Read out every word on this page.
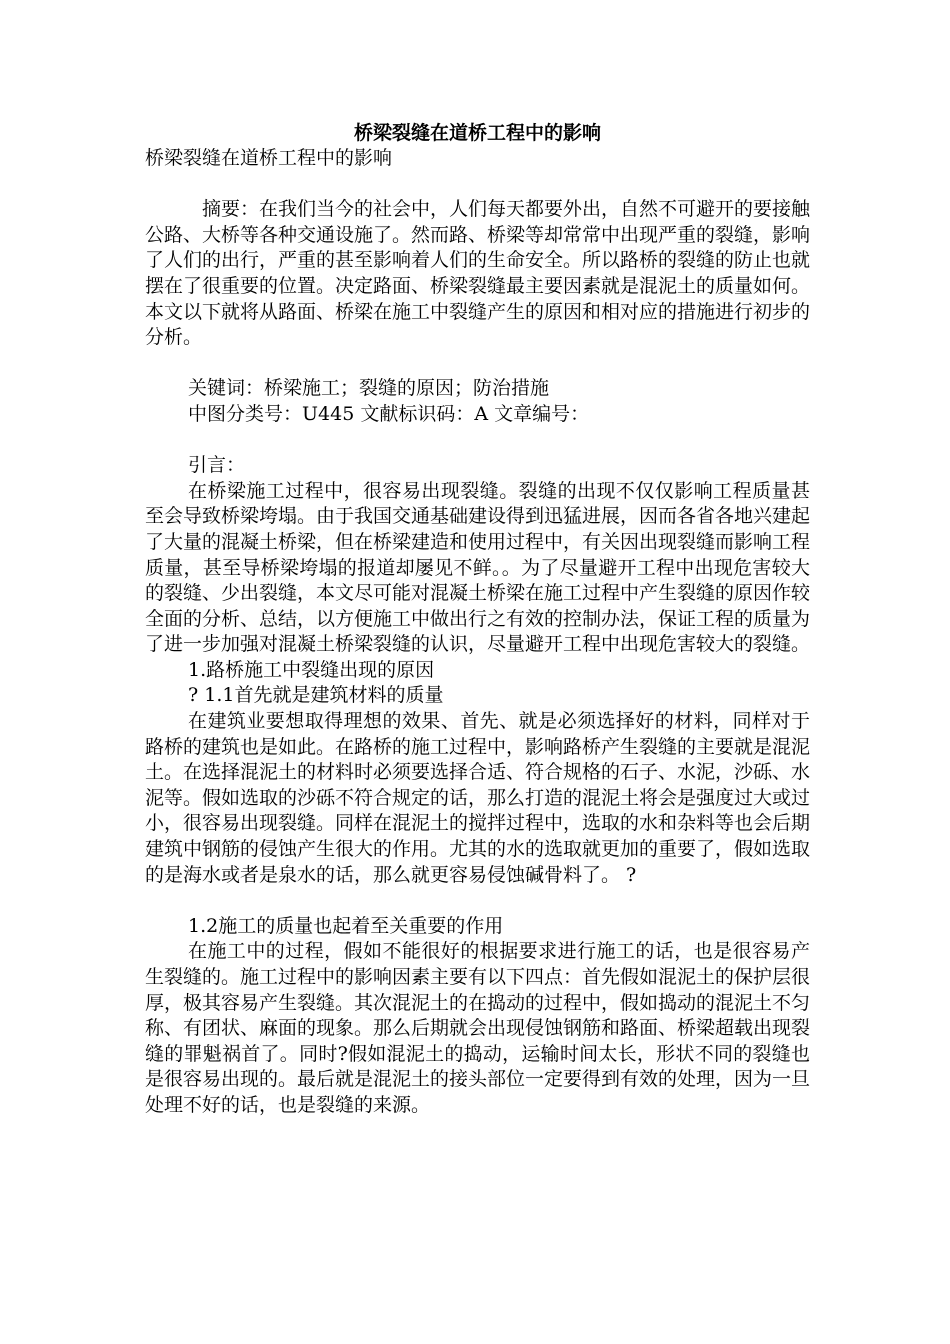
桥梁裂缝在道桥工程中的影响
桥梁裂缝在道桥工程中的影响

摘要：在我们当今的社会中，人们每天都要外出，自然不可避开的要接触公路、大桥等各种交通设施了。然而路、桥梁等却常常中出现严重的裂缝，影响了人们的出行，严重的甚至影响着人们的生命安全。所以路桥的裂缝的防止也就摆在了很重要的位置。决定路面、桥梁裂缝最主要因素就是混泥土的质量如何。本文以下就将从路面、桥梁在施工中裂缝产生的原因和相对应的措施进行初步的分析。

关键词：桥梁施工；裂缝的原因；防治措施

中图分类号：U445 文献标识码：A 文章编号：

引言：

在桥梁施工过程中，很容易出现裂缝。裂缝的出现不仅仅影响工程质量甚至会导致桥梁垮塌。由于我国交通基础建设得到迅猛进展，因而各省各地兴建起了大量的混凝土桥梁，但在桥梁建造和使用过程中，有关因出现裂缝而影响工程质量，甚至导桥梁垮塌的报道却屡见不鲜。。为了尽量避开工程中出现危害较大的裂缝、少出裂缝，本文尽可能对混凝土桥梁在施工过程中产生裂缝的原因作较全面的分析、总结，以方便施工中做出行之有效的控制办法，保证工程的质量为了进一步加强对混凝土桥梁裂缝的认识，尽量避开工程中出现危害较大的裂缝。

1.路桥施工中裂缝出现的原因

? 1.1首先就是建筑材料的质量

在建筑业要想取得理想的效果、首先、就是必须选择好的材料，同样对于路桥的建筑也是如此。在路桥的施工过程中，影响路桥产生裂缝的主要就是混泥土。在选择混泥土的材料时必须要选择合适、符合规格的石子、水泥，沙砾、水泥等。假如选取的沙砾不符合规定的话，那么打造的混泥土将会是强度过大或过小，很容易出现裂缝。同样在混泥土的搅拌过程中，选取的水和杂料等也会后期建筑中钢筋的侵蚀产生很大的作用。尤其的水的选取就更加的重要了，假如选取的是海水或者是泉水的话，那么就更容易侵蚀碱骨料了。 ?

1.2施工的质量也起着至关重要的作用

在施工中的过程，假如不能很好的根据要求进行施工的话，也是很容易产生裂缝的。施工过程中的影响因素主要有以下四点：首先假如混泥土的保护层很厚，极其容易产生裂缝。其次混泥土的在捣动的过程中，假如捣动的混泥土不匀称、有团状、麻面的现象。那么后期就会出现侵蚀钢筋和路面、桥梁超载出现裂缝的罪魁祸首了。同时?假如混泥土的捣动，运输时间太长，形状不同的裂缝也是很容易出现的。最后就是混泥土的接头部位一定要得到有效的处理，因为一旦处理不好的话，也是裂缝的来源。
